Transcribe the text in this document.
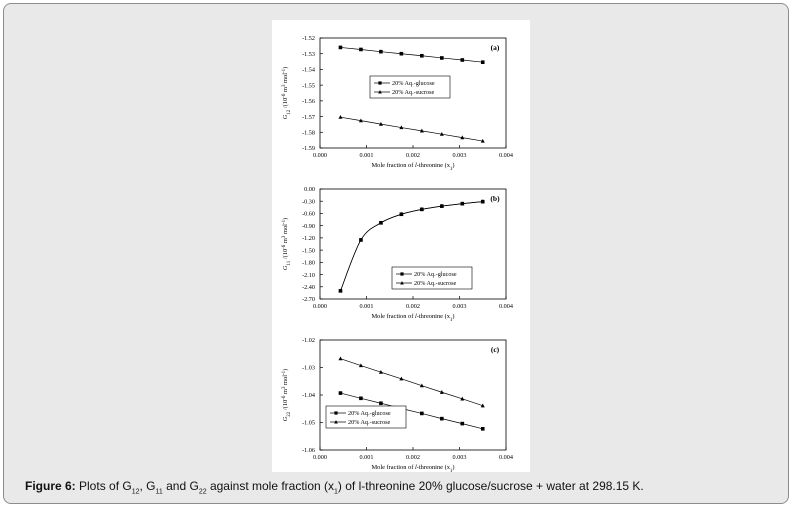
-1.52
-1.53
-1.54
-1.55
-1.56
-1.57
-1.58
-1.59
0.000	0.001	0.002	0.003	0.004
Mole fraction of l-threonine $(x_1)$
$G_{12}$ $/(10^{-6}$ $m^3$ mol$^{-1}$)
(a)
20% Aq.-glucose
20% Aq.-sucrose
0.00
-0.30
-0.60
-0.90
-1.20
-1.50
-1.80
-2.10
-2.40
-2.70
0.000	0.001	0.002	0.003	0.004
Mole fraction of l-threonine $(x_1)$
$G_{11}$ $/(10^{-6}$ $m^3$ mol$^{-1}$)
(b)
20% Aq.-glucose
20% Aq.-sucrose
-1.02
-1.03
-1.04
-1.05
-1.06
0.000	0.001	0.002	0.003	0.004
Mole fraction of l-threonine $(x_1)$
$G_{22}$ $/(10^{-6}$ $m^3$ mol$^{-1}$)
(c)
20% Aq.-glucose
20% Aq.-sucrose
Figure 6: Plots of $G_{12}$, $G_{11}$ and $G_{22}$ against mole fraction $(x_1)$ of l-threonine 20% glucose/sucrose + water at 298.15 K.
